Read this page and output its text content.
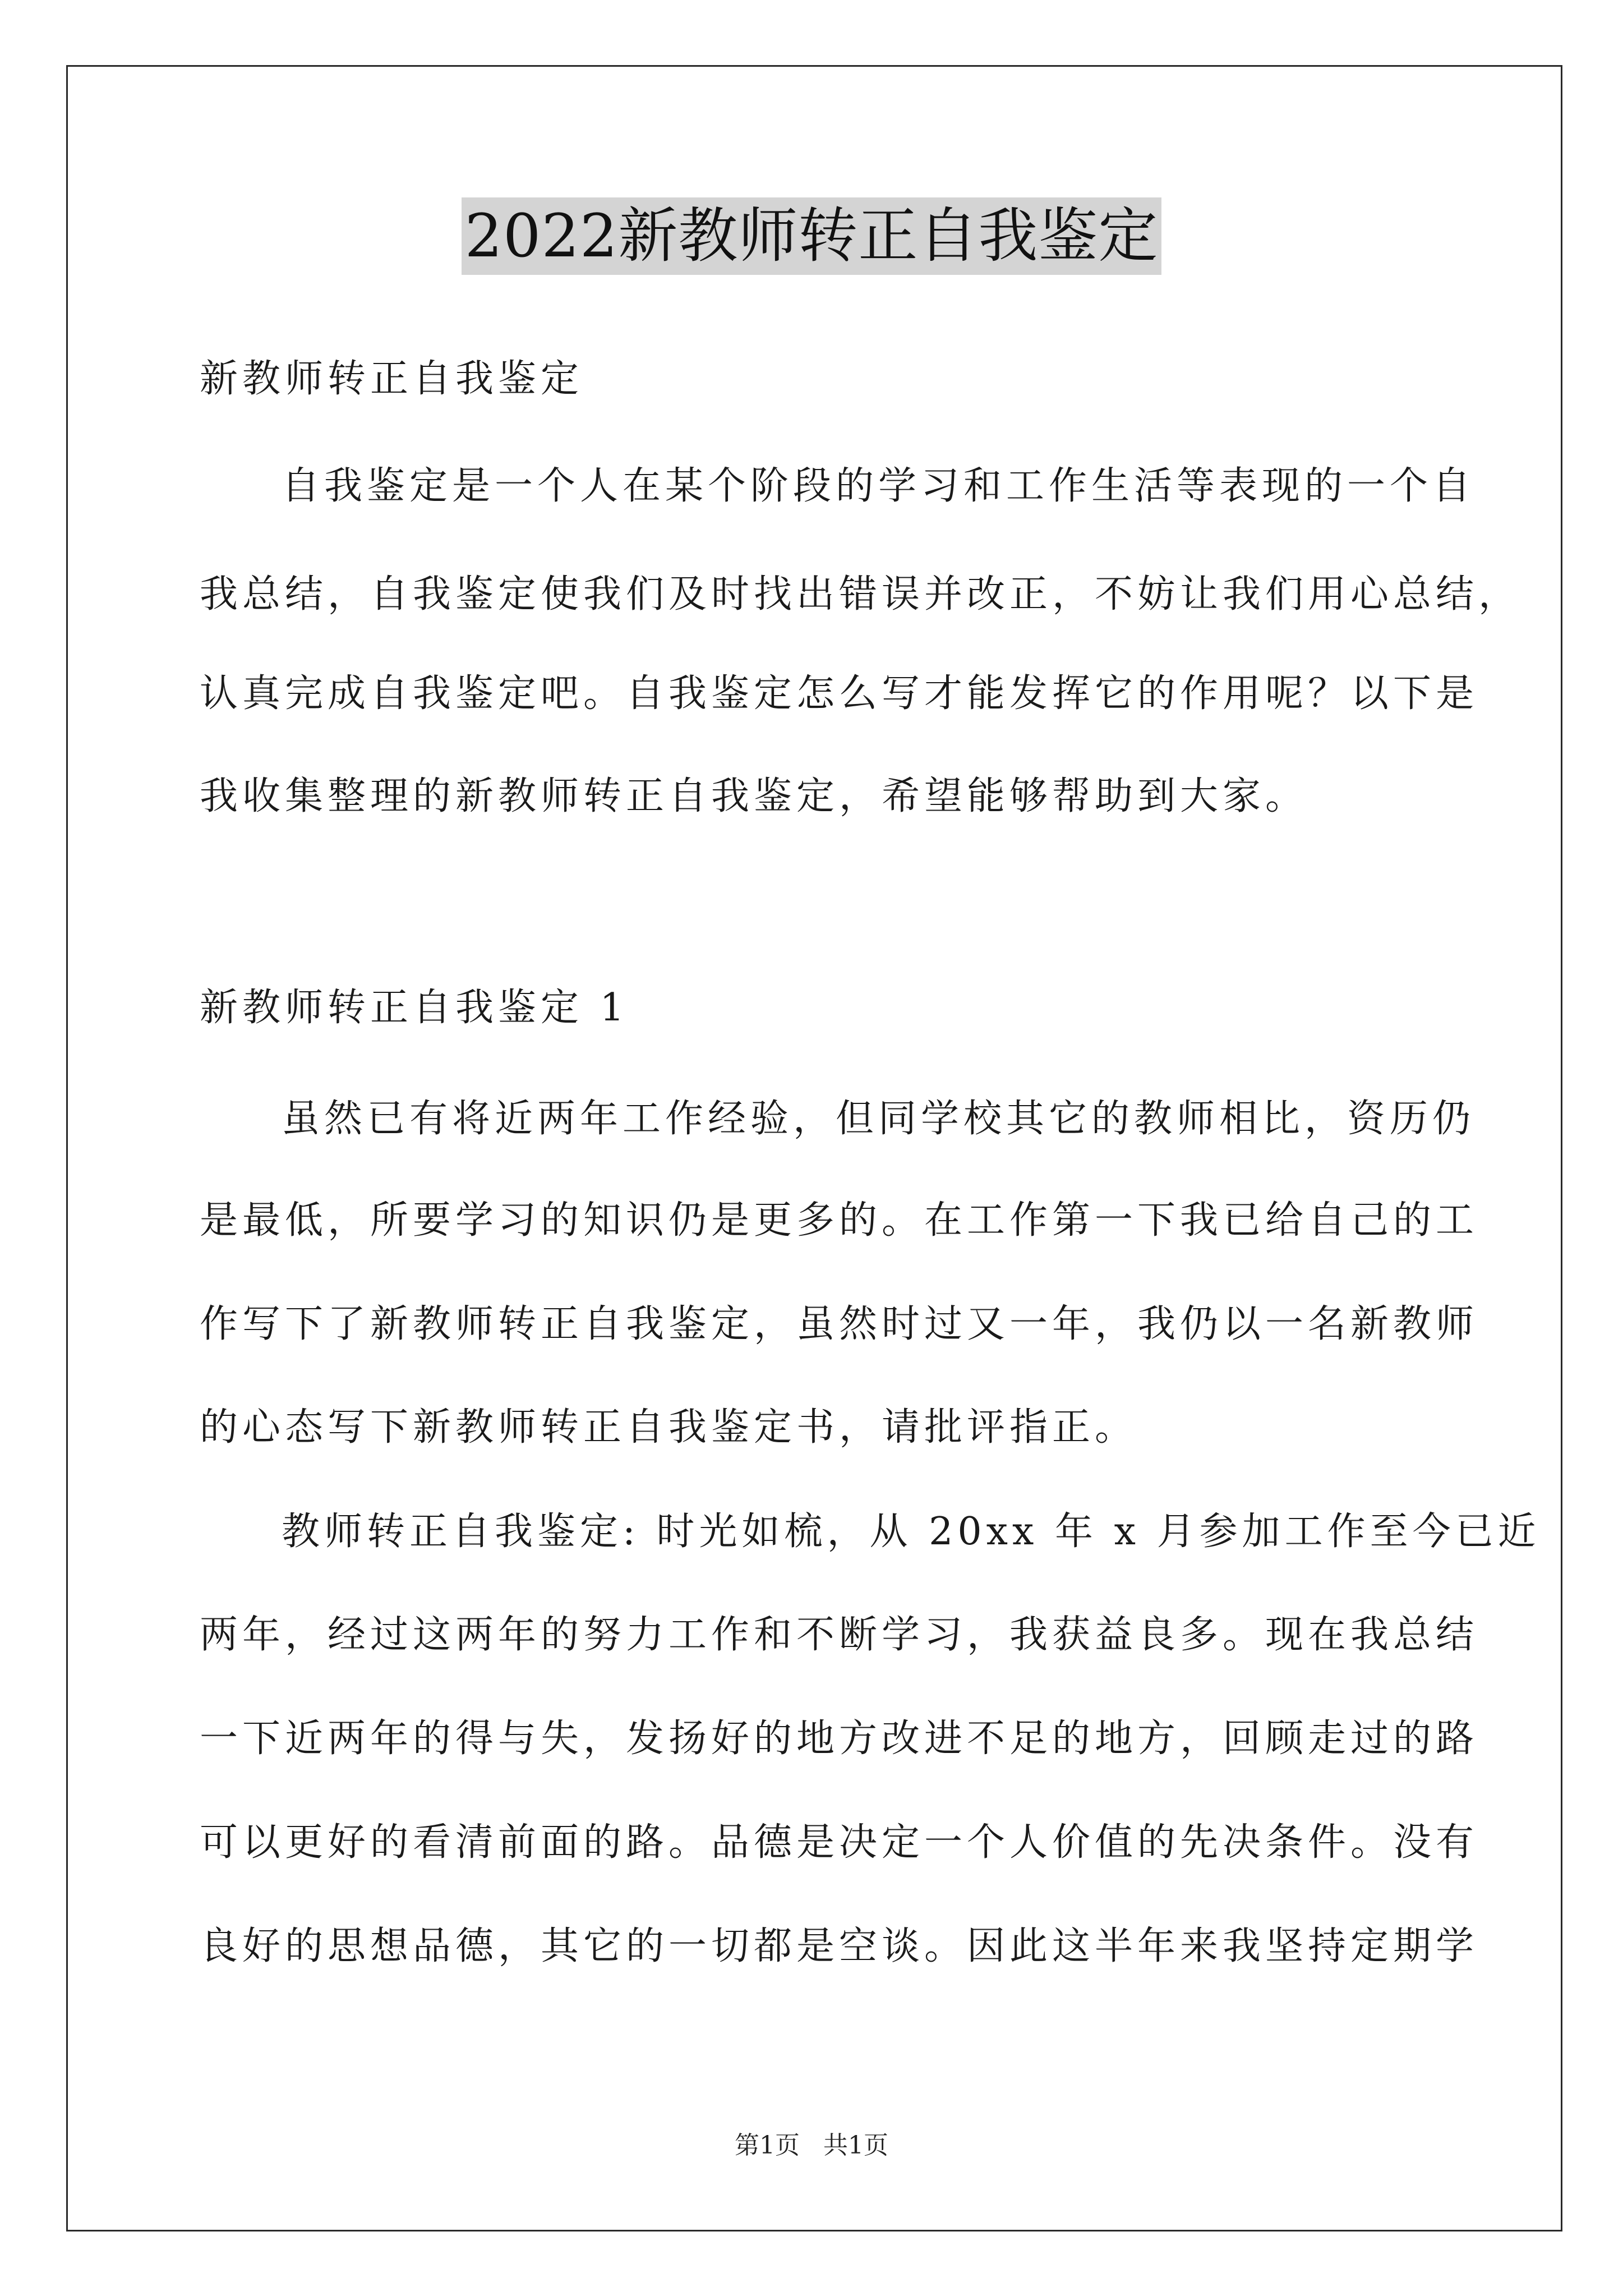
2022新教师转正自我鉴定
新教师转正自我鉴定
自我鉴定是一个人在某个阶段的学习和工作生活等表现的一个自
我总结，自我鉴定使我们及时找出错误并改正，不妨让我们用心总结，
认真完成自我鉴定吧。自我鉴定怎么写才能发挥它的作用呢？以下是
我收集整理的新教师转正自我鉴定，希望能够帮助到大家。
新教师转正自我鉴定 1
虽然已有将近两年工作经验，但同学校其它的教师相比，资历仍
是最低，所要学习的知识仍是更多的。在工作第一下我已给自己的工
作写下了新教师转正自我鉴定，虽然时过又一年，我仍以一名新教师
的心态写下新教师转正自我鉴定书，请批评指正。
教师转正自我鉴定: 时光如梳，从 20xx 年 x 月参加工作至今已近
两年，经过这两年的努力工作和不断学习，我获益良多。现在我总结
一下近两年的得与失，发扬好的地方改进不足的地方，回顾走过的路
可以更好的看清前面的路。品德是决定一个人价值的先决条件。没有
良好的思想品德，其它的一切都是空谈。因此这半年来我坚持定期学
第1页   共1页
